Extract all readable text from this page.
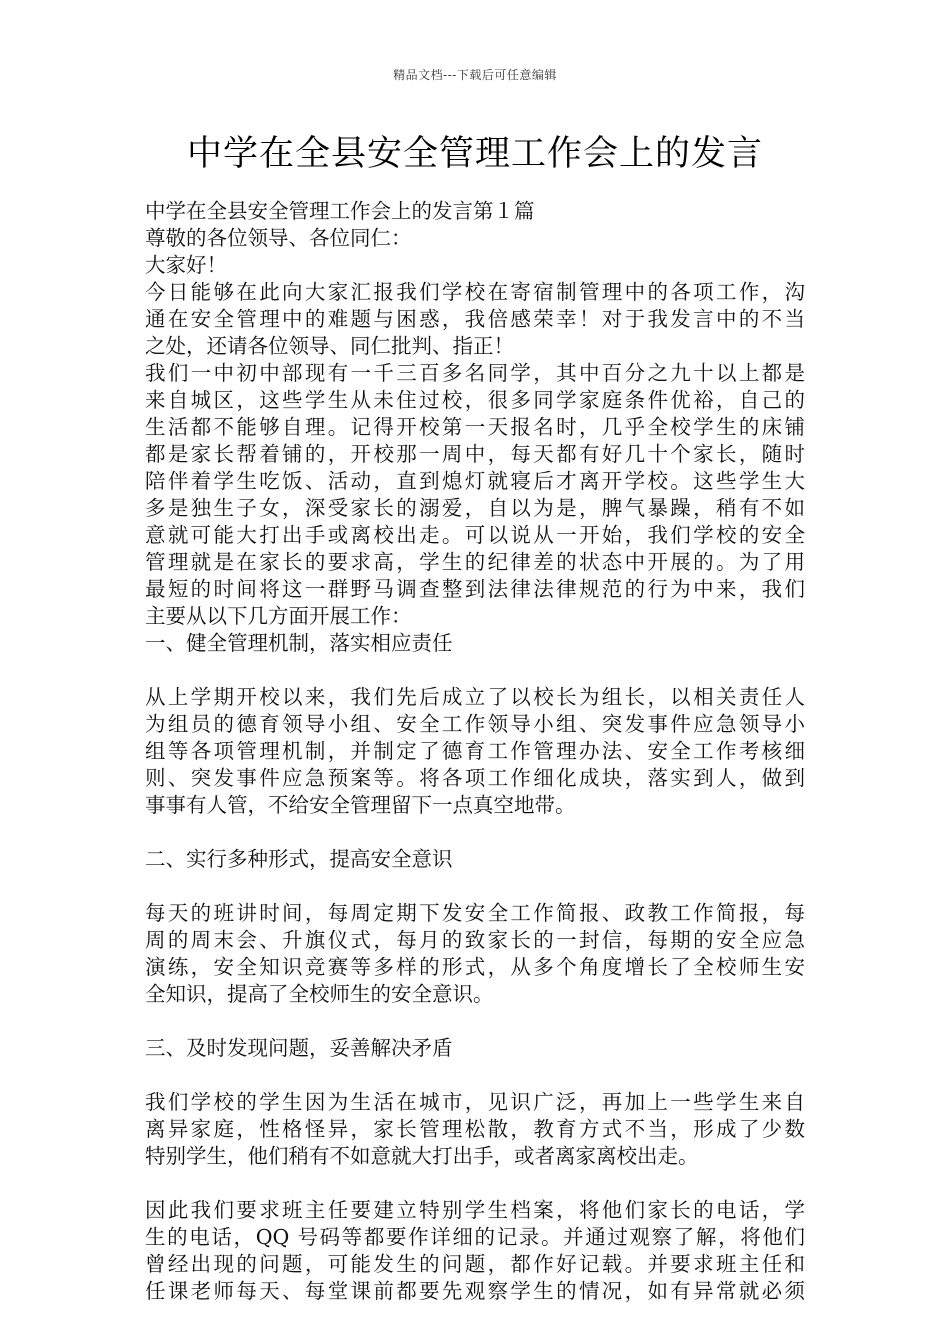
精品文档---下载后可任意编辑
中学在全县安全管理工作会上的发言

中学在全县安全管理工作会上的发言第１篇

尊敬的各位领导、各位同仁：

大家好！

今日能够在此向大家汇报我们学校在寄宿制管理中的各项工作，沟

通在安全管理中的难题与困惑，我倍感荣幸！对于我发言中的不当

之处，还请各位领导、同仁批判、指正！

我们一中初中部现有一千三百多名同学，其中百分之九十以上都是

来自城区，这些学生从未住过校，很多同学家庭条件优裕，自己的

生活都不能够自理。记得开校第一天报名时，几乎全校学生的床铺

都是家长帮着铺的，开校那一周中，每天都有好几十个家长，随时

陪伴着学生吃饭、活动，直到熄灯就寝后才离开学校。这些学生大

多是独生子女，深受家长的溺爱，自以为是，脾气暴躁，稍有不如

意就可能大打出手或离校出走。可以说从一开始，我们学校的安全

管理就是在家长的要求高，学生的纪律差的状态中开展的。为了用

最短的时间将这一群野马调查整到法律法律规范的行为中来，我们

主要从以下几方面开展工作：

一、健全管理机制，落实相应责任

从上学期开校以来，我们先后成立了以校长为组长，以相关责任人

为组员的德育领导小组、安全工作领导小组、突发事件应急领导小

组等各项管理机制，并制定了德育工作管理办法、安全工作考核细

则、突发事件应急预案等。将各项工作细化成块，落实到人，做到

事事有人管，不给安全管理留下一点真空地带。

二、实行多种形式，提高安全意识

每天的班讲时间，每周定期下发安全工作简报、政教工作简报，每

周的周末会、升旗仪式，每月的致家长的一封信，每期的安全应急

演练，安全知识竞赛等多样的形式，从多个角度增长了全校师生安

全知识，提高了全校师生的安全意识。

三、及时发现问题，妥善解决矛盾

我们学校的学生因为生活在城市，见识广泛，再加上一些学生来自

离异家庭，性格怪异，家长管理松散，教育方式不当，形成了少数

特别学生，他们稍有不如意就大打出手，或者离家离校出走。

因此我们要求班主任要建立特别学生档案，将他们家长的电话，学

生的电话，QQ 号码等都要作详细的记录。并通过观察了解，将他们

曾经出现的问题，可能发生的问题，都作好记载。并要求班主任和

任课老师每天、每堂课前都要先观察学生的情况，如有异常就必须
